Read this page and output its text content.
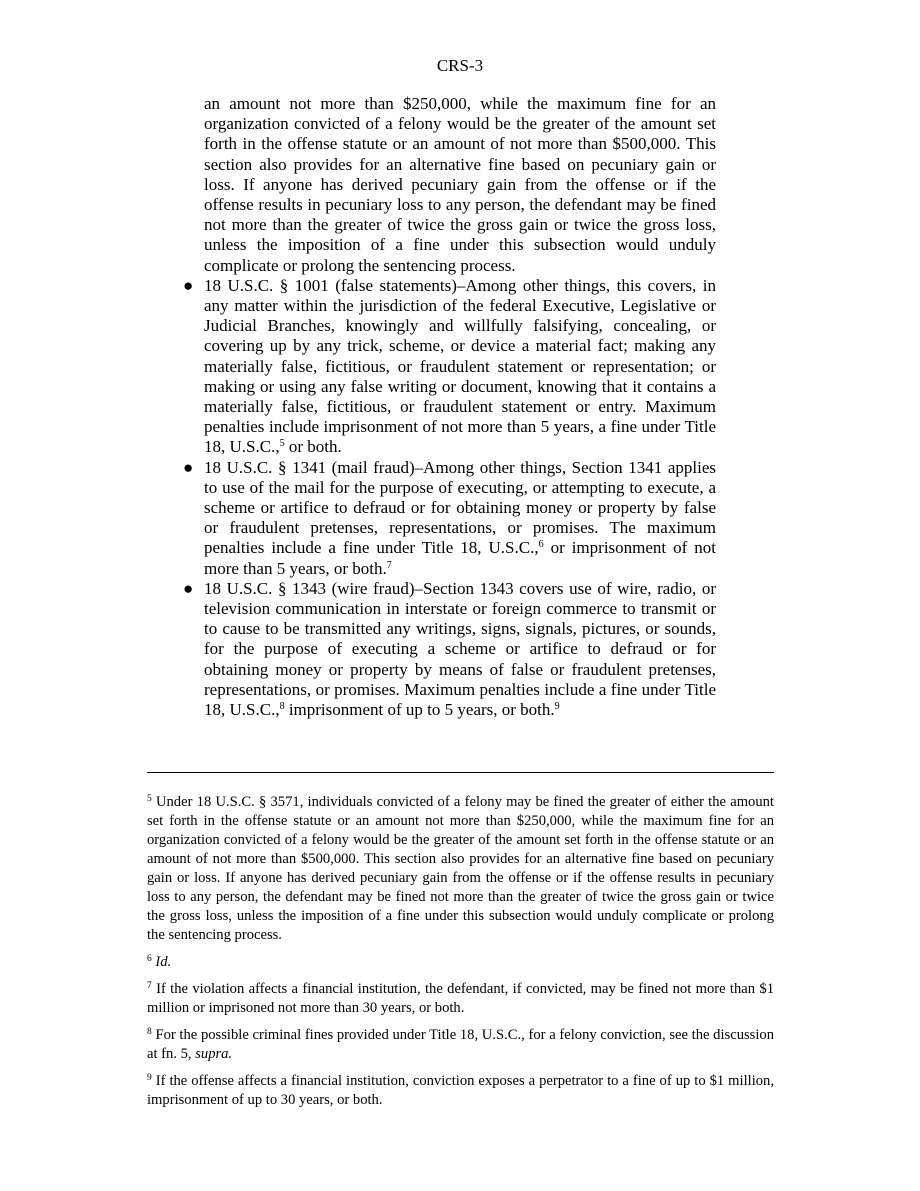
CRS-3

an amount not more than $250,000, while the maximum fine for an organization convicted of a felony would be the greater of the amount set forth in the offense statute or an amount of not more than $500,000. This section also provides for an alternative fine based on pecuniary gain or loss. If anyone has derived pecuniary gain from the offense or if the offense results in pecuniary loss to any person, the defendant may be fined not more than the greater of twice the gross gain or twice the gross loss, unless the imposition of a fine under this subsection would unduly complicate or prolong the sentencing process.

● 18 U.S.C. § 1001 (false statements)–Among other things, this covers, in any matter within the jurisdiction of the federal Executive, Legislative or Judicial Branches, knowingly and willfully falsifying, concealing, or covering up by any trick, scheme, or device a material fact; making any materially false, fictitious, or fraudulent statement or representation; or making or using any false writing or document, knowing that it contains a materially false, fictitious, or fraudulent statement or entry. Maximum penalties include imprisonment of not more than 5 years, a fine under Title 18, U.S.C.,$^5$ or both.
● 18 U.S.C. § 1341 (mail fraud)–Among other things, Section 1341 applies to use of the mail for the purpose of executing, or attempting to execute, a scheme or artifice to defraud or for obtaining money or property by false or fraudulent pretenses, representations, or promises. The maximum penalties include a fine under Title 18, U.S.C.,$^6$ or imprisonment of not more than 5 years, or both.$^7$
● 18 U.S.C. § 1343 (wire fraud)–Section 1343 covers use of wire, radio, or television communication in interstate or foreign commerce to transmit or to cause to be transmitted any writings, signs, signals, pictures, or sounds, for the purpose of executing a scheme or artifice to defraud or for obtaining money or property by means of false or fraudulent pretenses, representations, or promises. Maximum penalties include a fine under Title 18, U.S.C.,$^8$ imprisonment of up to 5 years, or both.$^9$

$^5$ Under 18 U.S.C. § 3571, individuals convicted of a felony may be fined the greater of either the amount set forth in the offense statute or an amount not more than $250,000, while the maximum fine for an organization convicted of a felony would be the greater of the amount set forth in the offense statute or an amount of not more than $500,000. This section also provides for an alternative fine based on pecuniary gain or loss. If anyone has derived pecuniary gain from the offense or if the offense results in pecuniary loss to any person, the defendant may be fined not more than the greater of twice the gross gain or twice the gross loss, unless the imposition of a fine under this subsection would unduly complicate or prolong the sentencing process.

$^6$ Id.

$^7$ If the violation affects a financial institution, the defendant, if convicted, may be fined not more than $1 million or imprisoned not more than 30 years, or both.

$^8$ For the possible criminal fines provided under Title 18, U.S.C., for a felony conviction, see the discussion at fn. 5, supra.

$^9$ If the offense affects a financial institution, conviction exposes a perpetrator to a fine of up to $1 million, imprisonment of up to 30 years, or both.
